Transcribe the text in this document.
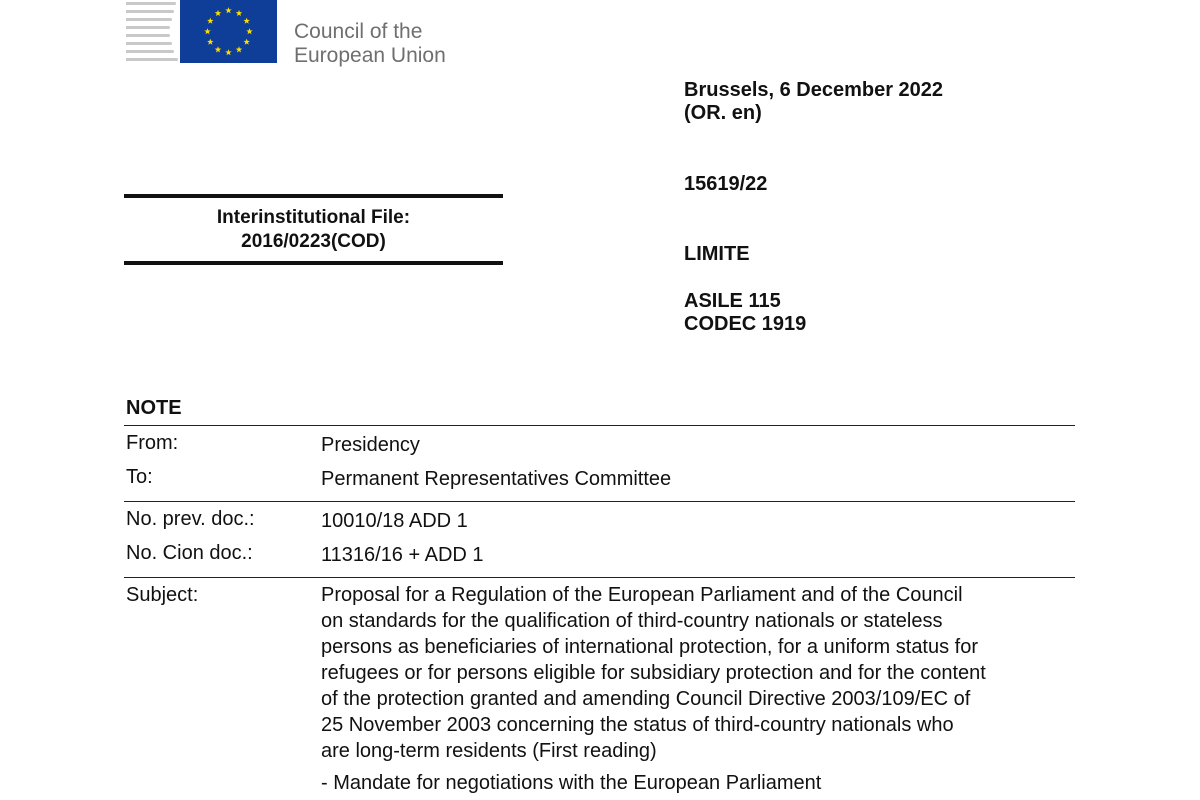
Council of the
European Union
Brussels, 6 December 2022
(OR. en)
15619/22
LIMITE
ASILE 115
CODEC 1919
Interinstitutional File:
2016/0223(COD)
NOTE
From:	Presidency
To:	Permanent Representatives Committee
No. prev. doc.:	10010/18 ADD 1
No. Cion doc.:	11316/16 + ADD 1
Subject:	Proposal for a Regulation of the European Parliament and of the Council
on standards for the qualification of third-country nationals or stateless
persons as beneficiaries of international protection, for a uniform status for
refugees or for persons eligible for subsidiary protection and for the content
of the protection granted and amending Council Directive 2003/109/EC of
25 November 2003 concerning the status of third-country nationals who
are long-term residents (First reading)
- Mandate for negotiations with the European Parliament
